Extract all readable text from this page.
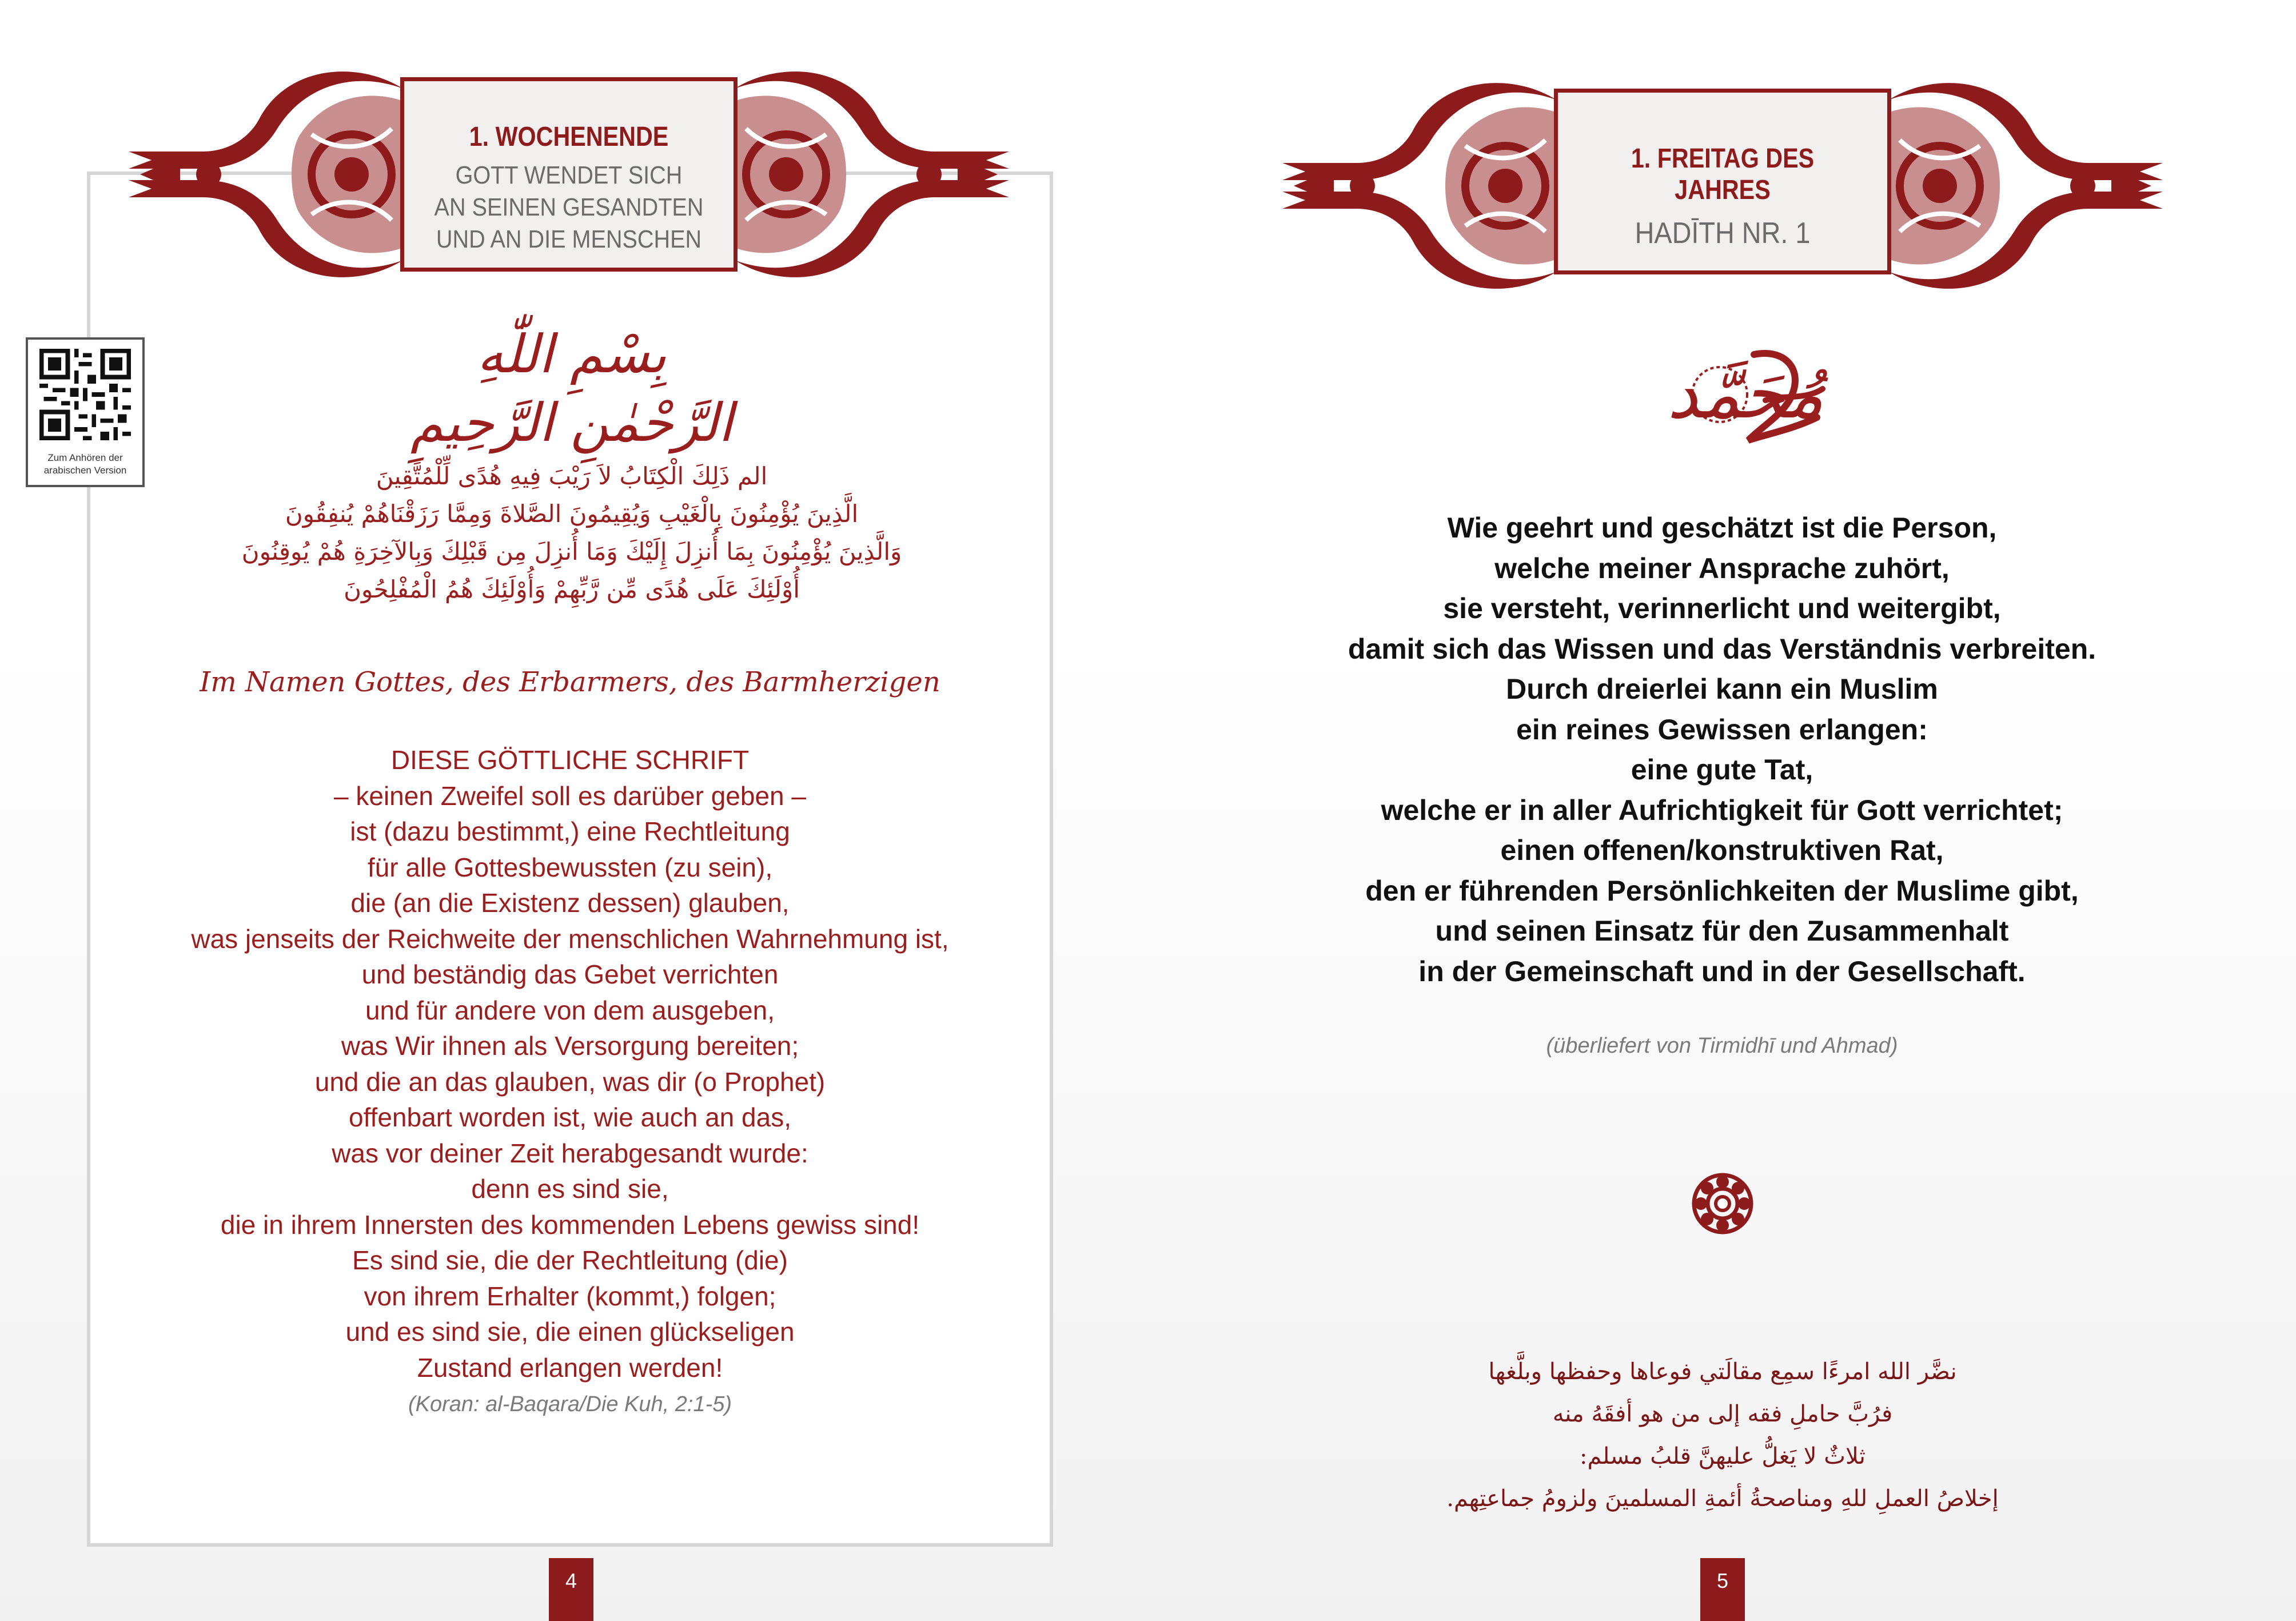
1. WOCHENENDE
GOTT WENDET SICH
AN SEINEN GESANDTEN
UND AN DIE MENSCHEN
Zum Anhören der
arabischen Version
بِسْمِ اللّٰهِ الرَّحْمٰنِ الرَّحِيمِ
الم ذَلِكَ الْكِتَابُ لاَ رَيْبَ فِيهِ هُدًى لِّلْمُتَّقِينَ
الَّذِينَ يُؤْمِنُونَ بِالْغَيْبِ وَيُقِيمُونَ الصَّلاةَ وَمِمَّا رَزَقْنَاهُمْ يُنفِقُونَ
وَالَّذِينَ يُؤْمِنُونَ بِمَا أُنزِلَ إِلَيْكَ وَمَا أُنزِلَ مِن قَبْلِكَ وَبِالآخِرَةِ هُمْ يُوقِنُونَ
أُوْلَئِكَ عَلَى هُدًى مِّن رَّبِّهِمْ وَأُوْلَئِكَ هُمُ الْمُفْلِحُونَ
Im Namen Gottes, des Erbarmers, des Barmherzigen
DIESE GÖTTLICHE SCHRIFT
– keinen Zweifel soll es darüber geben –
ist (dazu bestimmt,) eine Rechtleitung
für alle Gottesbewussten (zu sein),
die (an die Existenz dessen) glauben,
was jenseits der Reichweite der menschlichen Wahrnehmung ist,
und beständig das Gebet verrichten
und für andere von dem ausgeben,
was Wir ihnen als Versorgung bereiten;
und die an das glauben, was dir (o Prophet)
offenbart worden ist, wie auch an das,
was vor deiner Zeit herabgesandt wurde:
denn es sind sie,
die in ihrem Innersten des kommenden Lebens gewiss sind!
Es sind sie, die der Rechtleitung (die)
von ihrem Erhalter (kommt,) folgen;
und es sind sie, die einen glückseligen
Zustand erlangen werden!
(Koran: al-Baqara/Die Kuh, 2:1-5)
4
1. FREITAG DES JAHRES
HADĪTH NR. 1
مُحَمَّد
Wie geehrt und geschätzt ist die Person,
welche meiner Ansprache zuhört,
sie versteht, verinnerlicht und weitergibt,
damit sich das Wissen und das Verständnis verbreiten.
Durch dreierlei kann ein Muslim
ein reines Gewissen erlangen:
eine gute Tat,
welche er in aller Aufrichtigkeit für Gott verrichtet;
einen offenen/konstruktiven Rat,
den er führenden Persönlichkeiten der Muslime gibt,
und seinen Einsatz für den Zusammenhalt
in der Gemeinschaft und in der Gesellschaft.
(überliefert von Tirmidhī und Ahmad)
نضَّر الله امرءًا سمِع مقالَتي فوعاها وحفظها وبلَّغها
فرُبَّ حاملِ فقه إلى من هو أفقَهُ منه
ثلاثٌ لا يَغلُّ عليهنَّ قلبُ مسلم:
إخلاصُ العملِ للهِ ومناصحةُ أئمةِ المسلمينَ ولزومُ جماعتِهم.
5
